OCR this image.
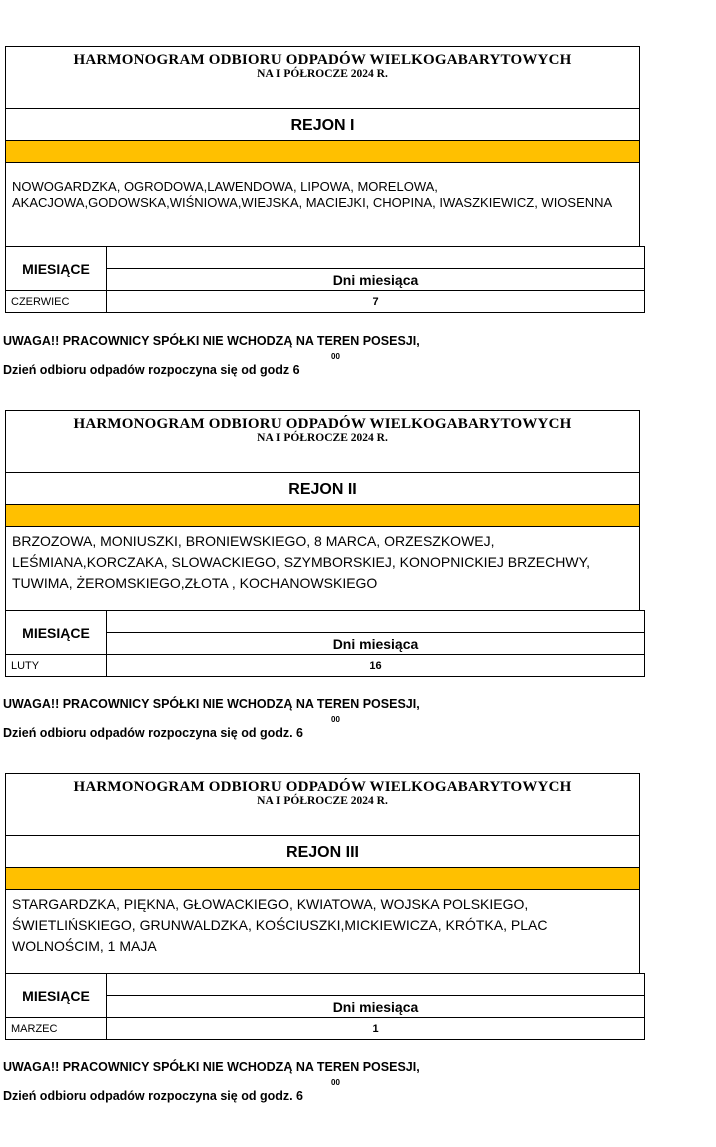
HARMONOGRAM ODBIORU ODPADÓW WIELKOGABARYTOWYCH
NA I PÓŁROCZE 2024 R.
REJON I
NOWOGARDZKA, OGRODOWA,LAWENDOWA, LIPOWA, MORELOWA, AKACJOWA,GODOWSKA,WIŚNIOWA,WIEJSKA, MACIEJKI, CHOPINA, IWASZKIEWICZ, WIOSENNA
MIESIĄCE	
	Dni miesiąca
CZERWIEC	7
UWAGA!! PRACOWNICY SPÓŁKI NIE WCHODZĄ NA TEREN POSESJI,
00
Dzień odbioru odpadów rozpoczyna się od godz 6
HARMONOGRAM ODBIORU ODPADÓW WIELKOGABARYTOWYCH
NA I PÓŁROCZE 2024 R.
REJON II
BRZOZOWA, MONIUSZKI, BRONIEWSKIEGO, 8 MARCA, ORZESZKOWEJ, LEŚMIANA,KORCZAKA, SLOWACKIEGO, SZYMBORSKIEJ, KONOPNICKIEJ BRZECHWY, TUWIMA, ŻEROMSKIEGO,ZŁOTA , KOCHANOWSKIEGO
MIESIĄCE	
	Dni miesiąca
LUTY	16
UWAGA!! PRACOWNICY SPÓŁKI NIE WCHODZĄ NA TEREN POSESJI,
00
Dzień odbioru odpadów rozpoczyna się od godz. 6
HARMONOGRAM ODBIORU ODPADÓW WIELKOGABARYTOWYCH
NA I PÓŁROCZE 2024 R.
REJON III
STARGARDZKA, PIĘKNA, GŁOWACKIEGO, KWIATOWA, WOJSKA POLSKIEGO, ŚWIETLIŃSKIEGO, GRUNWALDZKA, KOŚCIUSZKI,MICKIEWICZA, KRÓTKA, PLAC WOLNOŚCIM, 1 MAJA
MIESIĄCE	
	Dni miesiąca
MARZEC	1
UWAGA!! PRACOWNICY SPÓŁKI NIE WCHODZĄ NA TEREN POSESJI,
00
Dzień odbioru odpadów rozpoczyna się od godz. 6
